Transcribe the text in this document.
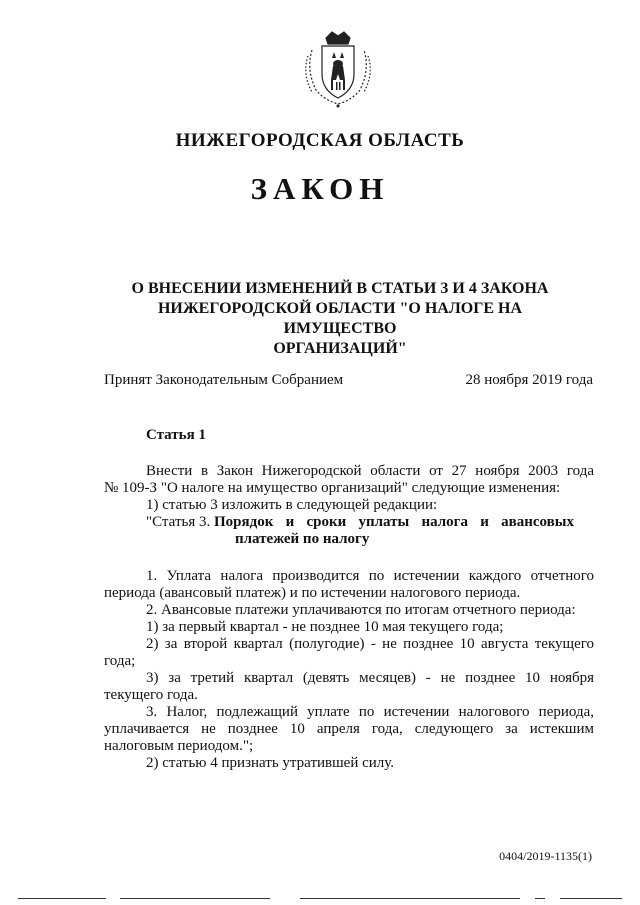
НИЖЕГОРОДСКАЯ ОБЛАСТЬ
ЗАКОН
О ВНЕСЕНИИ ИЗМЕНЕНИЙ В СТАТЬИ 3 И 4 ЗАКОНА
НИЖЕГОРОДСКОЙ ОБЛАСТИ "О НАЛОГЕ НА ИМУЩЕСТВО
ОРГАНИЗАЦИЙ"
Принят Законодательным Собранием	28 ноября 2019 года
Статья 1
Внести в Закон Нижегородской области от 27 ноября 2003 года
№ 109-З "О налоге на имущество организаций" следующие изменения:
1) статью 3 изложить в следующей редакции:
"Статья 3. Порядок и сроки уплаты налога и авансовых
платежей по налогу
1. Уплата налога производится по истечении каждого отчетного
периода (авансовый платеж) и по истечении налогового периода.
2. Авансовые платежи уплачиваются по итогам отчетного периода:
1) за первый квартал - не позднее 10 мая текущего года;
2) за второй квартал (полугодие) - не позднее 10 августа текущего
года;
3) за третий квартал (девять месяцев) - не позднее 10 ноября
текущего года.
3. Налог, подлежащий уплате по истечении налогового периода,
уплачивается не позднее 10 апреля года, следующего за истекшим
налоговым периодом.";
2) статью 4 признать утратившей силу.
0404/2019-1135(1)
